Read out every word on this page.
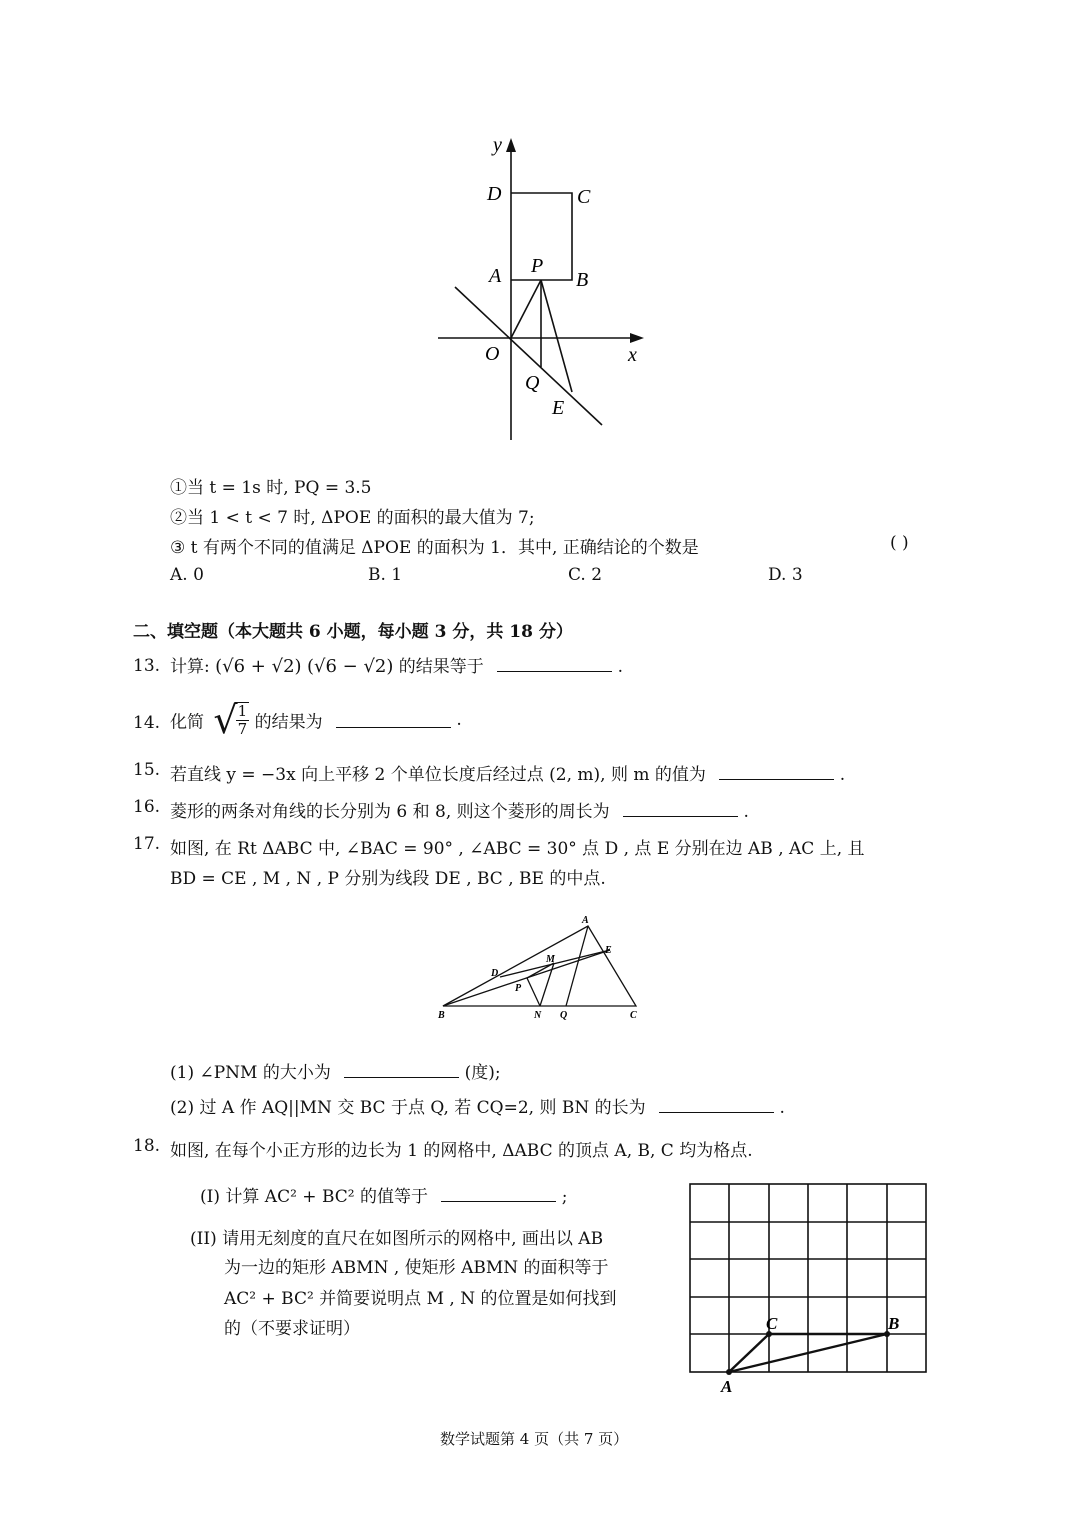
y
x
D	C
A P
B
O
Q
E
①当 t = 1s 时, PQ = 3.5
②当 1 < t < 7 时, ΔPOE 的面积的最大值为 7;
③ t 有两个不同的值满足 ΔPOE 的面积为 1．其中, 正确结论的个数是	( )
A. 0	B. 1	C. 2	D. 3
二、填空题（本大题共 6 小题，每小题 3 分，共 18 分）
13. 计算: (√6 + √2) (√6 − √2) 的结果等于	.
14. 化简 √
$\frac{1}{7}$ 的结果为	.
15. 若直线 y = −3x 向上平移 2 个单位长度后经过点 (2, m), 则 m 的值为	.
16. 菱形的两条对角线的长分别为 6 和 8, 则这个菱形的周长为	.
17. 如图, 在 Rt ΔABC 中, ∠BAC = 90° , ∠ABC = 30° 点 D , 点 E 分别在边 AB , AC 上, 且
BD = CE , M , N , P 分别为线段 DE , BC , BE 的中点.
A
E
D
M
P
B	N Q	C
(1) ∠PNM 的大小为	(度);
(2) 过 A 作 AQ||MN 交 BC 于点 Q, 若 CQ=2, 则 BN 的长为	.
18. 如图, 在每个小正方形的边长为 1 的网格中, ΔABC 的顶点 A, B, C 均为格点.
(I) 计算 AC² + BC² 的值等于	;
(II) 请用无刻度的直尺在如图所示的网格中, 画出以 AB
为一边的矩形 ABMN , 使矩形 ABMN 的面积等于
AC² + BC² 并简要说明点 M , N 的位置是如何找到
的（不要求证明）	C	B
A
数学试题第 4 页（共 7 页）
